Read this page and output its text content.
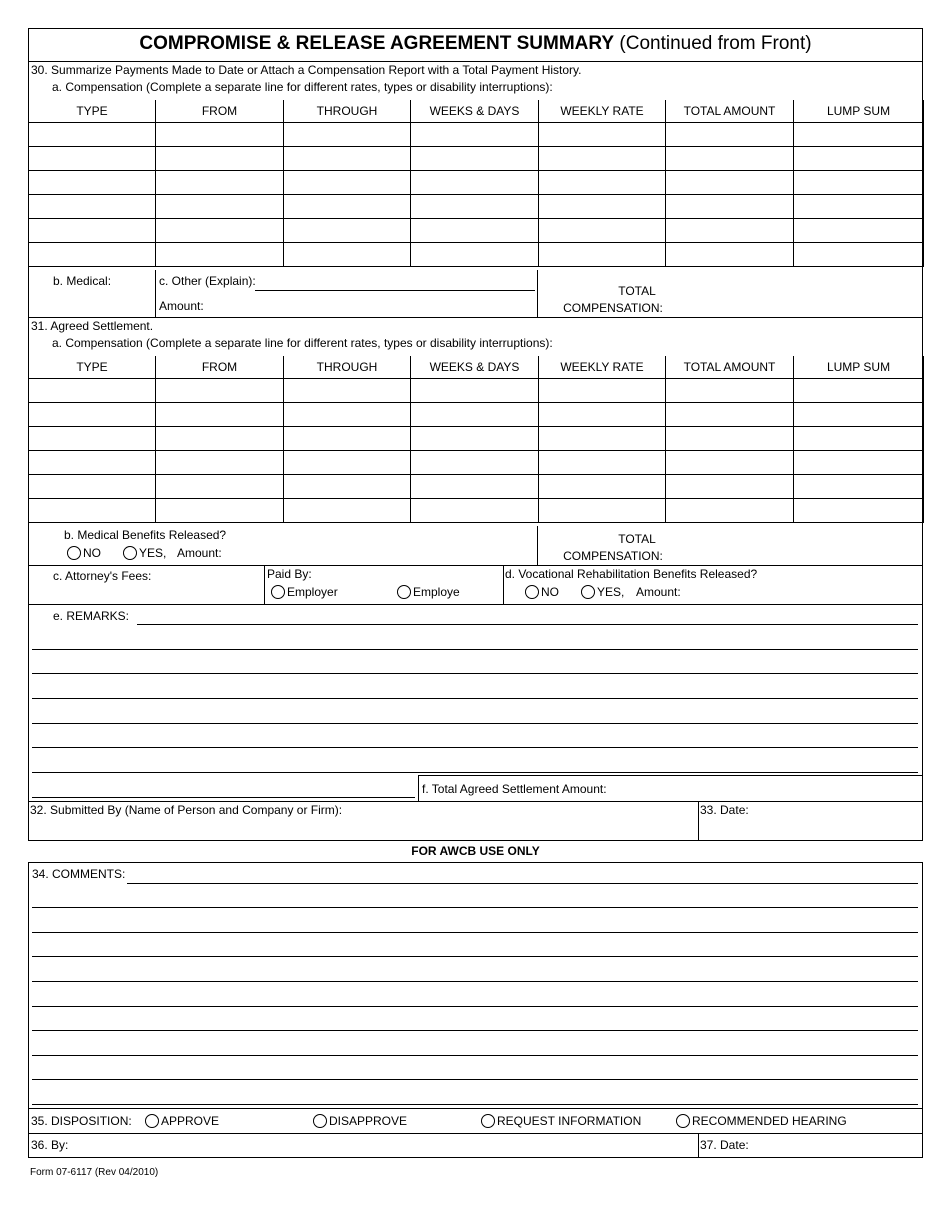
COMPROMISE & RELEASE AGREEMENT SUMMARY (Continued from Front)
30. Summarize Payments Made to Date or Attach a Compensation Report with a Total Payment History.
a. Compensation (Complete a separate line for different rates, types or disability interruptions):
TYPE	FROM	THROUGH	WEEKS & DAYS	WEEKLY RATE	TOTAL AMOUNT	LUMP SUM

b. Medical:	c. Other (Explain):
Amount:
TOTAL
COMPENSATION:
31. Agreed Settlement.
a. Compensation (Complete a separate line for different rates, types or disability interruptions):
TYPE	FROM	THROUGH	WEEKS & DAYS	WEEKLY RATE	TOTAL AMOUNT	LUMP SUM

b. Medical Benefits Released?
NO	YES, Amount:
TOTAL
COMPENSATION:
c. Attorney's Fees:	Paid By:
Employer	Employe
d. Vocational Rehabilitation Benefits Released?
NO	YES, Amount:
e. REMARKS:
f. Total Agreed Settlement Amount:
32. Submitted By (Name of Person and Company or Firm):	33. Date:
FOR AWCB USE ONLY
34. COMMENTS:
35. DISPOSITION: APPROVE	DISAPPROVE	REQUEST INFORMATION	RECOMMENDED HEARING
36. By:	37. Date:
Form 07-6117 (Rev 04/2010)
